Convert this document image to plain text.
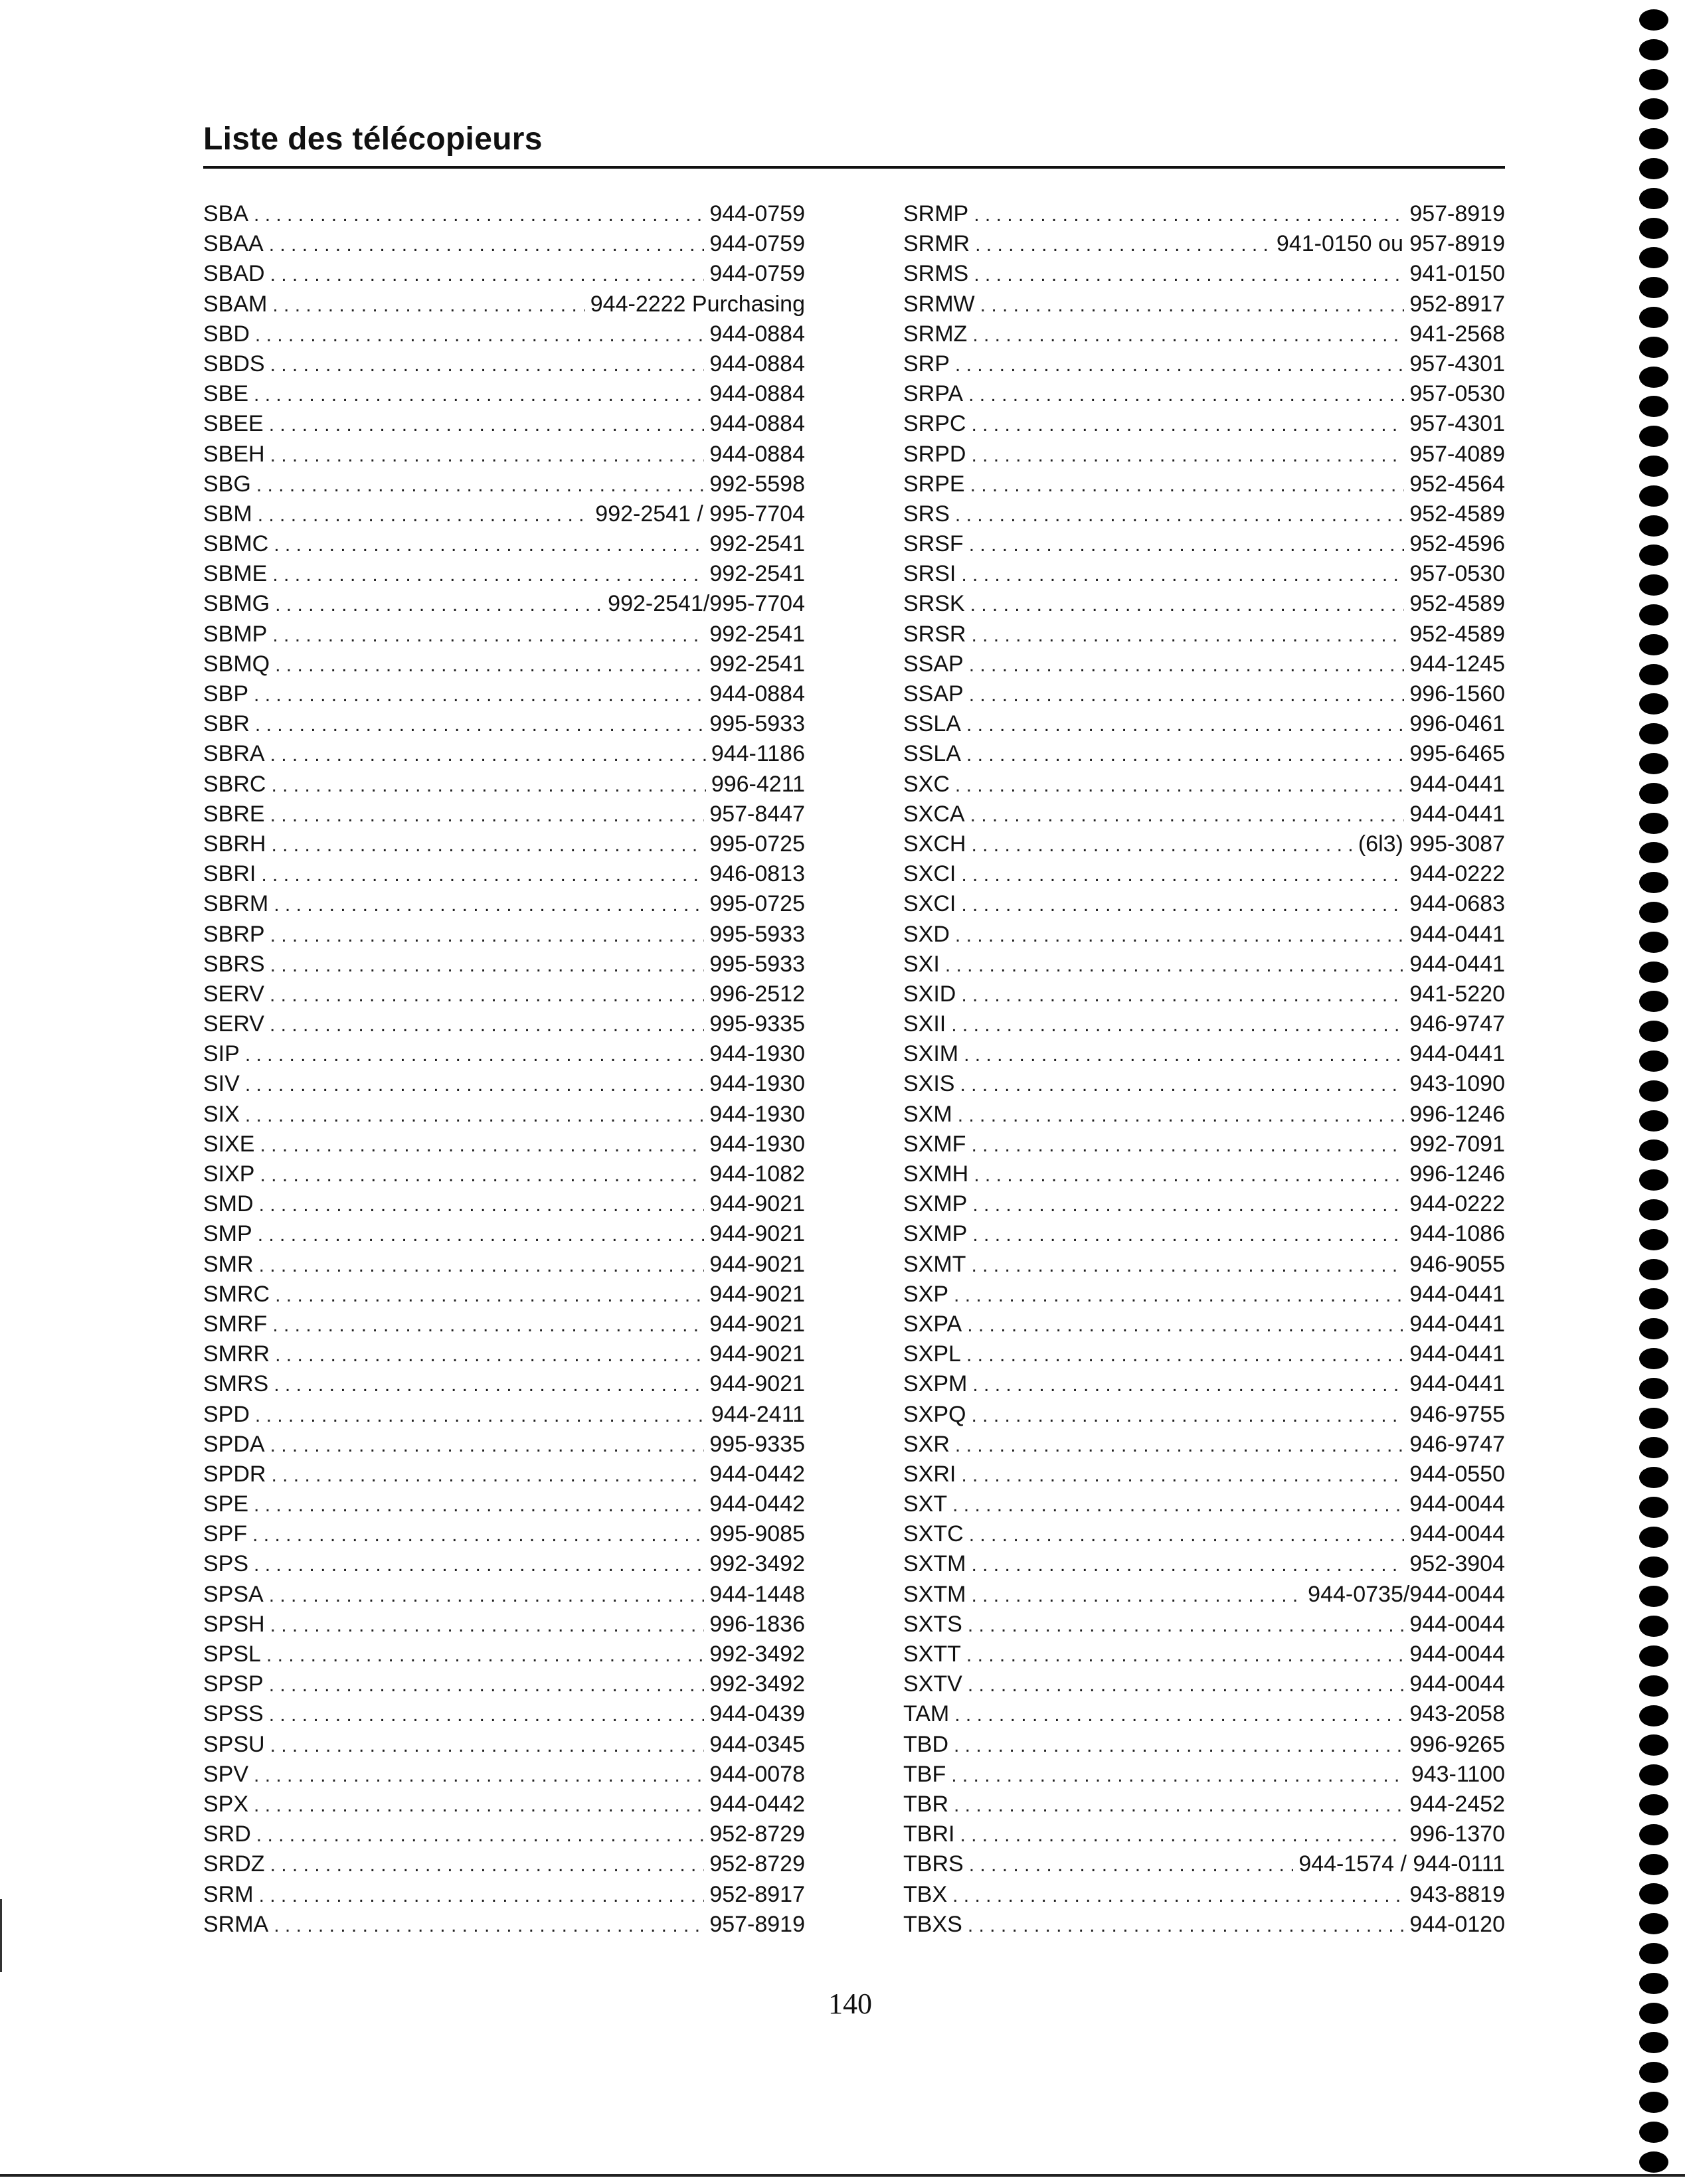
Liste des télécopieurs
SBA . . .	944-0759
SBAA . . .	944-0759
SBAD . . .	944-0759
SBAM . . .	944-2222 Purchasing
SBD . . .	944-0884
SBDS . . .	944-0884
SBE . . .	944-0884
SBEE . . .	944-0884
SBEH . . .	944-0884
SBG . . .	992-5598
SBM . . .	992-2541 / 995-7704
SBMC . . .	992-2541
SBME . . .	992-2541
SBMG . . .	992-2541/995-7704
SBMP . . .	992-2541
SBMQ . . .	992-2541
SBP . . .	944-0884
SBR . . .	995-5933
SBRA . . .	944-1186
SBRC . . .	996-4211
SBRE . . .	957-8447
SBRH . . .	995-0725
SBRI . . .	946-0813
SBRM . . .	995-0725
SBRP . . .	995-5933
SBRS . . .	995-5933
SERV . . .	996-2512
SERV . . .	995-9335
SIP . . .	944-1930
SIV . . .	944-1930
SIX . . .	944-1930
SIXE . . .	944-1930
SIXP . . .	944-1082
SMD . . .	944-9021
SMP . . .	944-9021
SMR . . .	944-9021
SMRC . . .	944-9021
SMRF . . .	944-9021
SMRR . . .	944-9021
SMRS . . .	944-9021
SPD . . .	944-2411
SPDA . . .	995-9335
SPDR . . .	944-0442
SPE . . .	944-0442
SPF . . .	995-9085
SPS . . .	992-3492
SPSA . . .	944-1448
SPSH . . .	996-1836
SPSL . . .	992-3492
SPSP . . .	992-3492
SPSS . . .	944-0439
SPSU . . .	944-0345
SPV . . .	944-0078
SPX . . .	944-0442
SRD . . .	952-8729
SRDZ . . .	952-8729
SRM . . .	952-8917
SRMA . . .	957-8919
SRMP . . .	957-8919
SRMR . . .	941-0150 ou 957-8919
SRMS . . .	941-0150
SRMW . . .	952-8917
SRMZ . . .	941-2568
SRP . . .	957-4301
SRPA . . .	957-0530
SRPC . . .	957-4301
SRPD . . .	957-4089
SRPE . . .	952-4564
SRS . . .	952-4589
SRSF . . .	952-4596
SRSI . . .	957-0530
SRSK . . .	952-4589
SRSR . . .	952-4589
SSAP . . .	944-1245
SSAP . . .	996-1560
SSLA . . .	996-0461
SSLA . . .	995-6465
SXC . . .	944-0441
SXCA . . .	944-0441
SXCH . . .	(6l3) 995-3087
SXCI . . .	944-0222
SXCI . . .	944-0683
SXD . . .	944-0441
SXI . . .	944-0441
SXID . . .	941-5220
SXII . . .	946-9747
SXIM . . .	944-0441
SXIS . . .	943-1090
SXM . . .	996-1246
SXMF . . .	992-7091
SXMH . . .	996-1246
SXMP . . .	944-0222
SXMP . . .	944-1086
SXMT . . .	946-9055
SXP . . .	944-0441
SXPA . . .	944-0441
SXPL . . .	944-0441
SXPM . . .	944-0441
SXPQ . . .	946-9755
SXR . . .	946-9747
SXRI . . .	944-0550
SXT . . .	944-0044
SXTC . . .	944-0044
SXTM . . .	952-3904
SXTM . . .	944-0735/944-0044
SXTS . . .	944-0044
SXTT . . .	944-0044
SXTV . . .	944-0044
TAM . . .	943-2058
TBD . . .	996-9265
TBF . . .	943-1100
TBR . . .	944-2452
TBRI . . .	996-1370
TBRS . . .	944-1574 / 944-0111
TBX . . .	943-8819
TBXS . . .	944-0120
140
